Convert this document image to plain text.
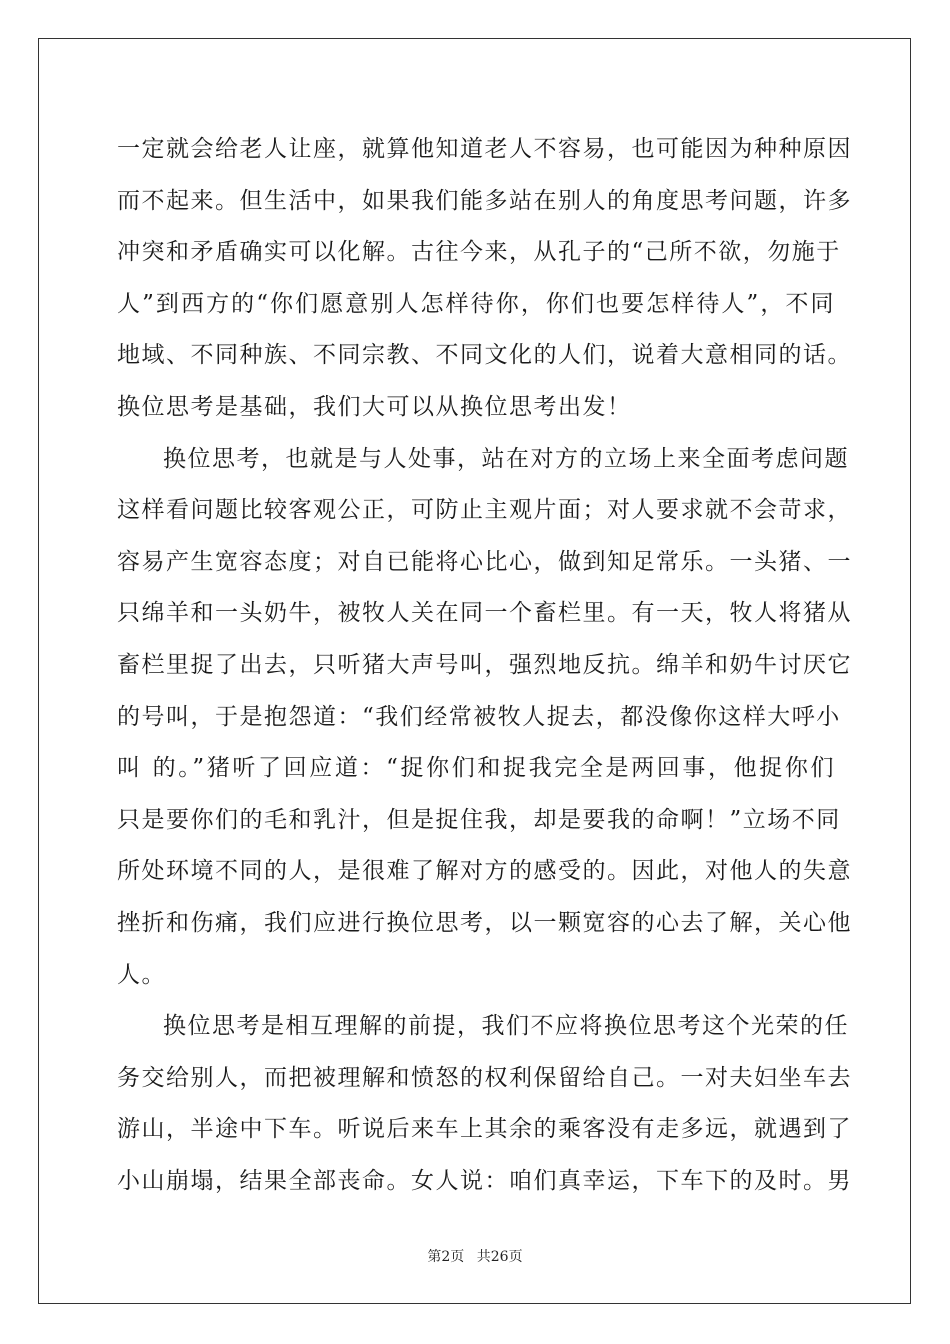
一定就会给老人让座，就算他知道老人不容易，也可能因为种种原因
而不起来。但生活中，如果我们能多站在别人的角度思考问题，许多
冲突和矛盾确实可以化解。古往今来，从孔子的“己所不欲，勿施于
人”到西方的“你们愿意别人怎样待你，你们也要怎样待人”，不同
地域、不同种族、不同宗教、不同文化的人们，说着大意相同的话。
换位思考是基础，我们大可以从换位思考出发！
换位思考，也就是与人处事，站在对方的立场上来全面考虑问题
这样看问题比较客观公正，可防止主观片面；对人要求就不会苛求，
容易产生宽容态度；对自已能将心比心，做到知足常乐。一头猪、一
只绵羊和一头奶牛，被牧人关在同一个畜栏里。有一天，牧人将猪从
畜栏里捉了出去，只听猪大声号叫，强烈地反抗。绵羊和奶牛讨厌它
的号叫，于是抱怨道：“我们经常被牧人捉去，都没像你这样大呼小
叫 的。”猪听了回应道：“捉你们和捉我完全是两回事，他捉你们
只是要你们的毛和乳汁，但是捉住我，却是要我的命啊！”立场不同
所处环境不同的人，是很难了解对方的感受的。因此，对他人的失意
挫折和伤痛，我们应进行换位思考，以一颗宽容的心去了解，关心他
人。
换位思考是相互理解的前提，我们不应将换位思考这个光荣的任
务交给别人，而把被理解和愤怒的权利保留给自己。一对夫妇坐车去
游山，半途中下车。听说后来车上其余的乘客没有走多远，就遇到了
小山崩塌，结果全部丧命。女人说：咱们真幸运，下车下的及时。男
第2页 共26页
